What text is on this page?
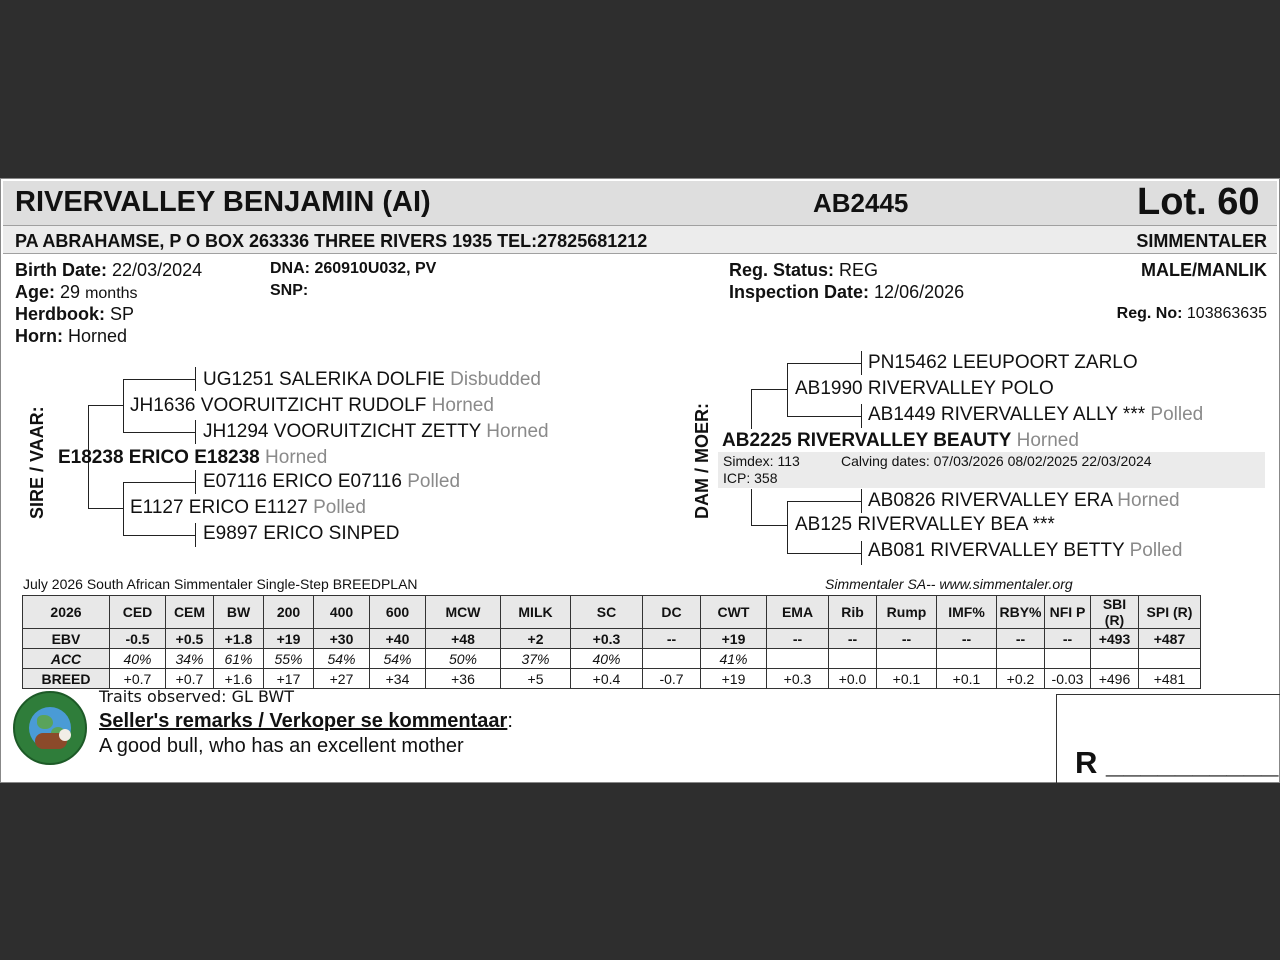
RIVERVALLEY BENJAMIN (AI)	AB2445	Lot. 60
PA ABRAHAMSE, P O BOX 263336 THREE RIVERS 1935 TEL:27825681212	SIMMENTALER
Birth Date: 22/03/2024
Age: 29 months
Herdbook: SP
Horn: Horned
DNA: 260910U032, PV
SNP:
Reg. Status: REG
Inspection Date: 12/06/2026
MALE/MANLIK
Reg. No: 103863635
SIRE / VAAR:
UG1251 SALERIKA DOLFIE Disbudded
JH1636 VOORUITZICHT RUDOLF Horned
JH1294 VOORUITZICHT ZETTY Horned
E18238 ERICO E18238 Horned
E07116 ERICO E07116 Polled
E1127 ERICO E1127 Polled
E9897 ERICO SINPED
DAM / MOER:
PN15462 LEEUPOORT ZARLO
AB1990 RIVERVALLEY POLO
AB1449 RIVERVALLEY ALLY *** Polled
AB2225 RIVERVALLEY BEAUTY Horned
Simdex: 113	Calving dates: 07/03/2026 08/02/2025 22/03/2024
ICP: 358
AB0826 RIVERVALLEY ERA Horned
AB125 RIVERVALLEY BEA ***
AB081 RIVERVALLEY BETTY Polled
July 2026 South African Simmentaler Single-Step BREEDPLAN	Simmentaler SA-- www.simmentaler.org
2026	CED	CEM	BW	200	400	600	MCW	MILK	SC	DC	CWT	EMA	Rib	Rump	IMF%	RBY%	NFI P	SBI (R)	SPI (R)
EBV	-0.5	+0.5	+1.8	+19	+30	+40	+48	+2	+0.3	--	+19	--	--	--	--	--	--	+493	+487
ACC	40%	34%	61%	55%	54%	54%	50%	37%	40%		41%								
BREED	+0.7	+0.7	+1.6	+17	+27	+34	+36	+5	+0.4	-0.7	+19	+0.3	+0.0	+0.1	+0.1	+0.2	-0.03	+496	+481
Traits observed: GL BWT
Seller's remarks / Verkoper se kommentaar:
A good bull, who has an excellent mother	R __________
